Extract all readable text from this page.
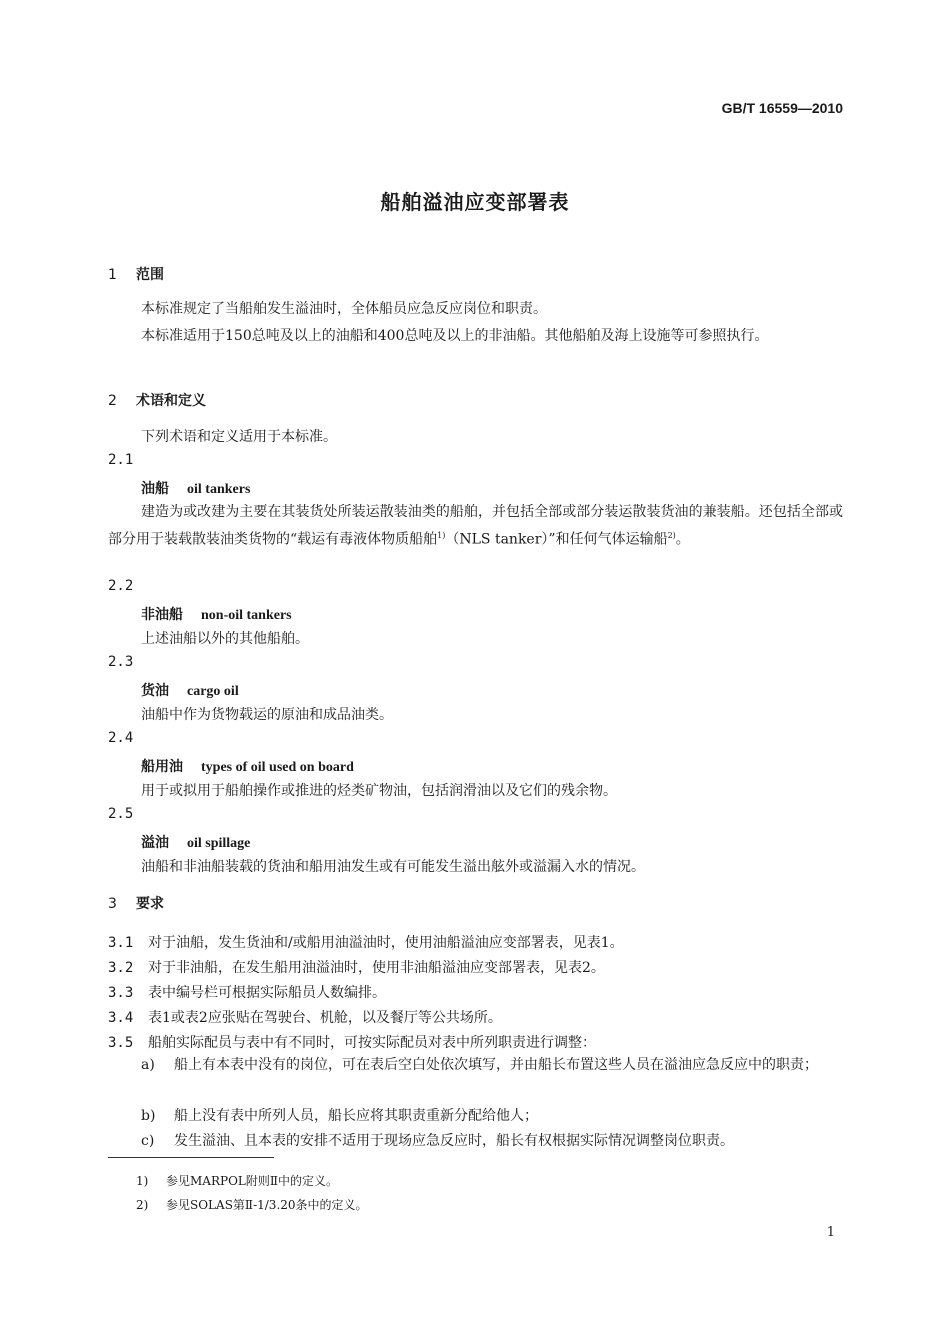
GB/T 16559—2010
船舶溢油应变部署表
1 范围
本标准规定了当船舶发生溢油时，全体船员应急反应岗位和职责。
本标准适用于150总吨及以上的油船和400总吨及以上的非油船。其他船舶及海上设施等可参照执行。
2 术语和定义
下列术语和定义适用于本标准。
2.1
油船 oil tankers
建造为或改建为主要在其装货处所装运散装油类的船舶，并包括全部或部分装运散装货油的兼装船。还包括全部或部分用于装载散装油类货物的“载运有毒液体物质船舶$^{1)}$（NLS tanker）”和任何气体运输船$^{2)}$。
2.2
非油船 non-oil tankers
上述油船以外的其他船舶。
2.3
货油 cargo oil
油船中作为货物载运的原油和成品油类。
2.4
船用油 types of oil used on board
用于或拟用于船舶操作或推进的烃类矿物油，包括润滑油以及它们的残余物。
2.5
溢油 oil spillage
油船和非油船装载的货油和船用油发生或有可能发生溢出舷外或溢漏入水的情况。
3 要求
3.1 对于油船，发生货油和/或船用油溢油时，使用油船溢油应变部署表，见表1。
3.2 对于非油船，在发生船用油溢油时，使用非油船溢油应变部署表，见表2。
3.3 表中编号栏可根据实际船员人数编排。
3.4 表1或表2应张贴在驾驶台、机舱，以及餐厅等公共场所。
3.5 船舶实际配员与表中有不同时，可按实际配员对表中所列职责进行调整：
a) 船上有本表中没有的岗位，可在表后空白处依次填写，并由船长布置这些人员在溢油应急反应中的职责；
b) 船上没有表中所列人员，船长应将其职责重新分配给他人；
c) 发生溢油、且本表的安排不适用于现场应急反应时，船长有权根据实际情况调整岗位职责。
1) 参见MARPOL附则Ⅱ中的定义。
2) 参见SOLAS第Ⅱ-1/3.20条中的定义。
1
